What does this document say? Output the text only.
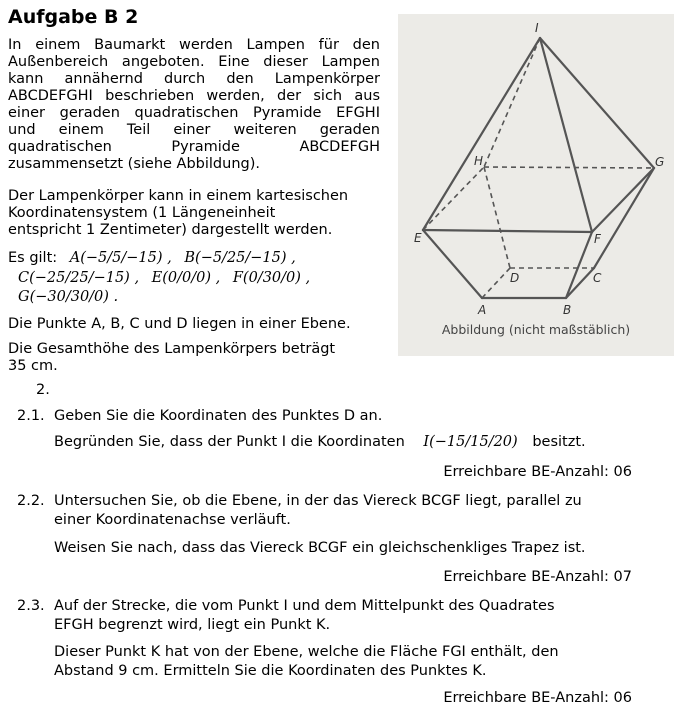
Aufgabe B 2
In einem Baumarkt werden Lampen für den
Außenbereich angeboten. Eine dieser Lampen
kann annähernd durch den Lampenkörper
ABCDEFGHI beschrieben werden, der sich aus
einer geraden quadratischen Pyramide EFGHI
und einem Teil einer weiteren geraden
quadratischen Pyramide ABCDEFGH
zusammensetzt (siehe Abbildung).
Der Lampenkörper kann in einem kartesischen
Koordinatensystem (1 Längeneinheit
entspricht 1 Zentimeter) dargestellt werden.
Es gilt: A(−5/5/−15) , B(−5/25/−15) ,
C(−25/25/−15) , E(0/0/0) , F(0/30/0) ,
G(−30/30/0) .
Die Punkte A, B, C und D liegen in einer Ebene.
Die Gesamthöhe des Lampenkörpers beträgt
35 cm.
I
H	G
E	F
D	C
A	B
Abbildung (nicht maßstäblich)
2.
2.1. Geben Sie die Koordinaten des Punktes D an.
Begründen Sie, dass der Punkt I die Koordinaten I(−15/15/20) besitzt.
Erreichbare BE-Anzahl: 06
2.2. Untersuchen Sie, ob die Ebene, in der das Viereck BCGF liegt, parallel zu
einer Koordinatenachse verläuft.
Weisen Sie nach, dass das Viereck BCGF ein gleichschenkliges Trapez ist.
Erreichbare BE-Anzahl: 07
2.3. Auf der Strecke, die vom Punkt I und dem Mittelpunkt des Quadrates
EFGH begrenzt wird, liegt ein Punkt K.
Dieser Punkt K hat von der Ebene, welche die Fläche FGI enthält, den
Abstand 9 cm. Ermitteln Sie die Koordinaten des Punktes K.
Erreichbare BE-Anzahl: 06
